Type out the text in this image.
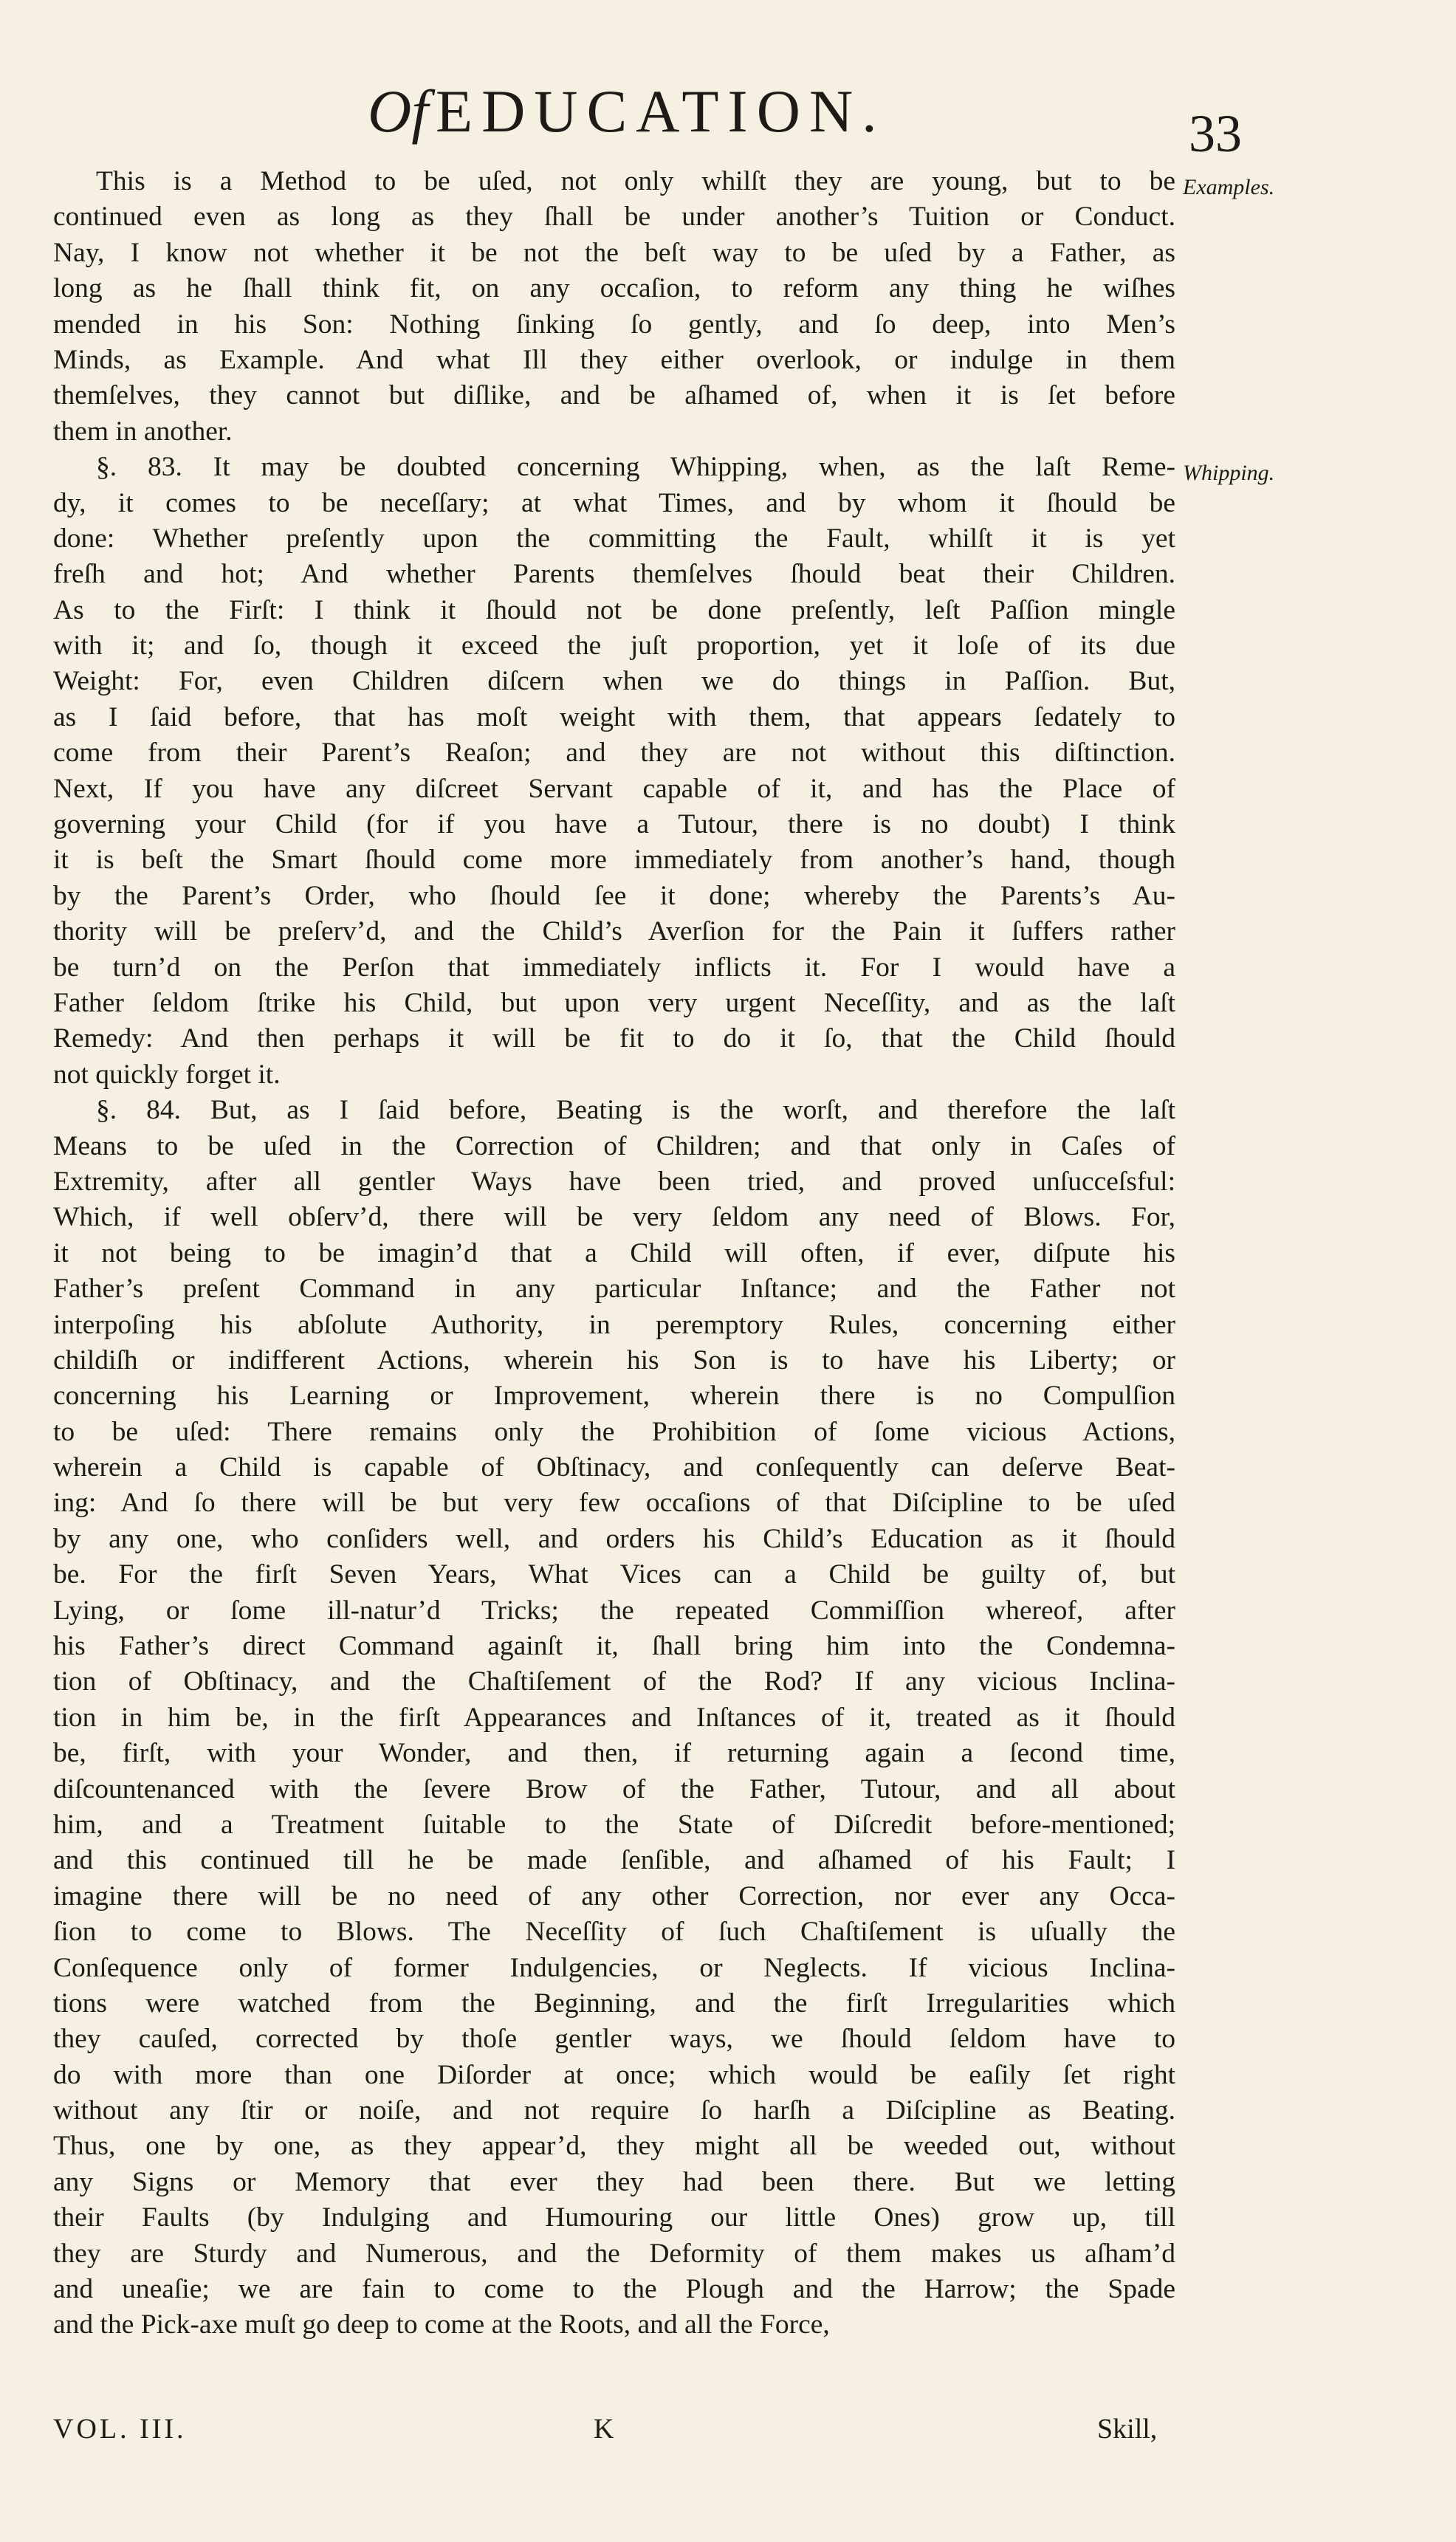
Of EDUCATION.	33
Examples.
Whipping.
This is a Method to be uſed, not only whilſt they are young, but to be
continued even as long as they ſhall be under another’s Tuition or Conduct.
Nay, I know not whether it be not the beſt way to be uſed by a Father, as
long as he ſhall think fit, on any occaſion, to reform any thing he wiſhes
mended in his Son: Nothing ſinking ſo gently, and ſo deep, into Men’s
Minds, as Example. And what Ill they either overlook, or indulge in them
themſelves, they cannot but diſlike, and be aſhamed of, when it is ſet before
them in another.
§. 83. It may be doubted concerning Whipping, when, as the laſt Reme-
dy, it comes to be neceſſary; at what Times, and by whom it ſhould be
done: Whether preſently upon the committing the Fault, whilſt it is yet
freſh and hot; And whether Parents themſelves ſhould beat their Children.
As to the Firſt: I think it ſhould not be done preſently, leſt Paſſion mingle
with it; and ſo, though it exceed the juſt proportion, yet it loſe of its due
Weight: For, even Children diſcern when we do things in Paſſion. But,
as I ſaid before, that has moſt weight with them, that appears ſedately to
come from their Parent’s Reaſon; and they are not without this diſtinction.
Next, If you have any diſcreet Servant capable of it, and has the Place of
governing your Child (for if you have a Tutour, there is no doubt) I think
it is beſt the Smart ſhould come more immediately from another’s hand, though
by the Parent’s Order, who ſhould ſee it done; whereby the Parents’s Au-
thority will be preſerv’d, and the Child’s Averſion for the Pain it ſuffers rather
be turn’d on the Perſon that immediately inflicts it. For I would have a
Father ſeldom ſtrike his Child, but upon very urgent Neceſſity, and as the laſt
Remedy: And then perhaps it will be fit to do it ſo, that the Child ſhould
not quickly forget it.
§. 84. But, as I ſaid before, Beating is the worſt, and therefore the laſt
Means to be uſed in the Correction of Children; and that only in Caſes of
Extremity, after all gentler Ways have been tried, and proved unſucceſsful:
Which, if well obſerv’d, there will be very ſeldom any need of Blows. For,
it not being to be imagin’d that a Child will often, if ever, diſpute his
Father’s preſent Command in any particular Inſtance; and the Father not
interpoſing his abſolute Authority, in peremptory Rules, concerning either
childiſh or indifferent Actions, wherein his Son is to have his Liberty; or
concerning his Learning or Improvement, wherein there is no Compulſion
to be uſed: There remains only the Prohibition of ſome vicious Actions,
wherein a Child is capable of Obſtinacy, and conſequently can deſerve Beat-
ing: And ſo there will be but very few occaſions of that Diſcipline to be uſed
by any one, who conſiders well, and orders his Child’s Education as it ſhould
be. For the firſt Seven Years, What Vices can a Child be guilty of, but
Lying, or ſome ill-natur’d Tricks; the repeated Commiſſion whereof, after
his Father’s direct Command againſt it, ſhall bring him into the Condemna-
tion of Obſtinacy, and the Chaſtiſement of the Rod? If any vicious Inclina-
tion in him be, in the firſt Appearances and Inſtances of it, treated as it ſhould
be, firſt, with your Wonder, and then, if returning again a ſecond time,
diſcountenanced with the ſevere Brow of the Father, Tutour, and all about
him, and a Treatment ſuitable to the State of Diſcredit before-mentioned;
and this continued till he be made ſenſible, and aſhamed of his Fault; I
imagine there will be no need of any other Correction, nor ever any Occa-
ſion to come to Blows. The Neceſſity of ſuch Chaſtiſement is uſually the
Conſequence only of former Indulgencies, or Neglects. If vicious Inclina-
tions were watched from the Beginning, and the firſt Irregularities which
they cauſed, corrected by thoſe gentler ways, we ſhould ſeldom have to
do with more than one Diſorder at once; which would be eaſily ſet right
without any ſtir or noiſe, and not require ſo harſh a Diſcipline as Beating.
Thus, one by one, as they appear’d, they might all be weeded out, without
any Signs or Memory that ever they had been there. But we letting
their Faults (by Indulging and Humouring our little Ones) grow up, till
they are Sturdy and Numerous, and the Deformity of them makes us aſham’d
and uneaſie; we are fain to come to the Plough and the Harrow; the Spade
and the Pick-axe muſt go deep to come at the Roots, and all the Force,
VOL. III.	K	Skill,
